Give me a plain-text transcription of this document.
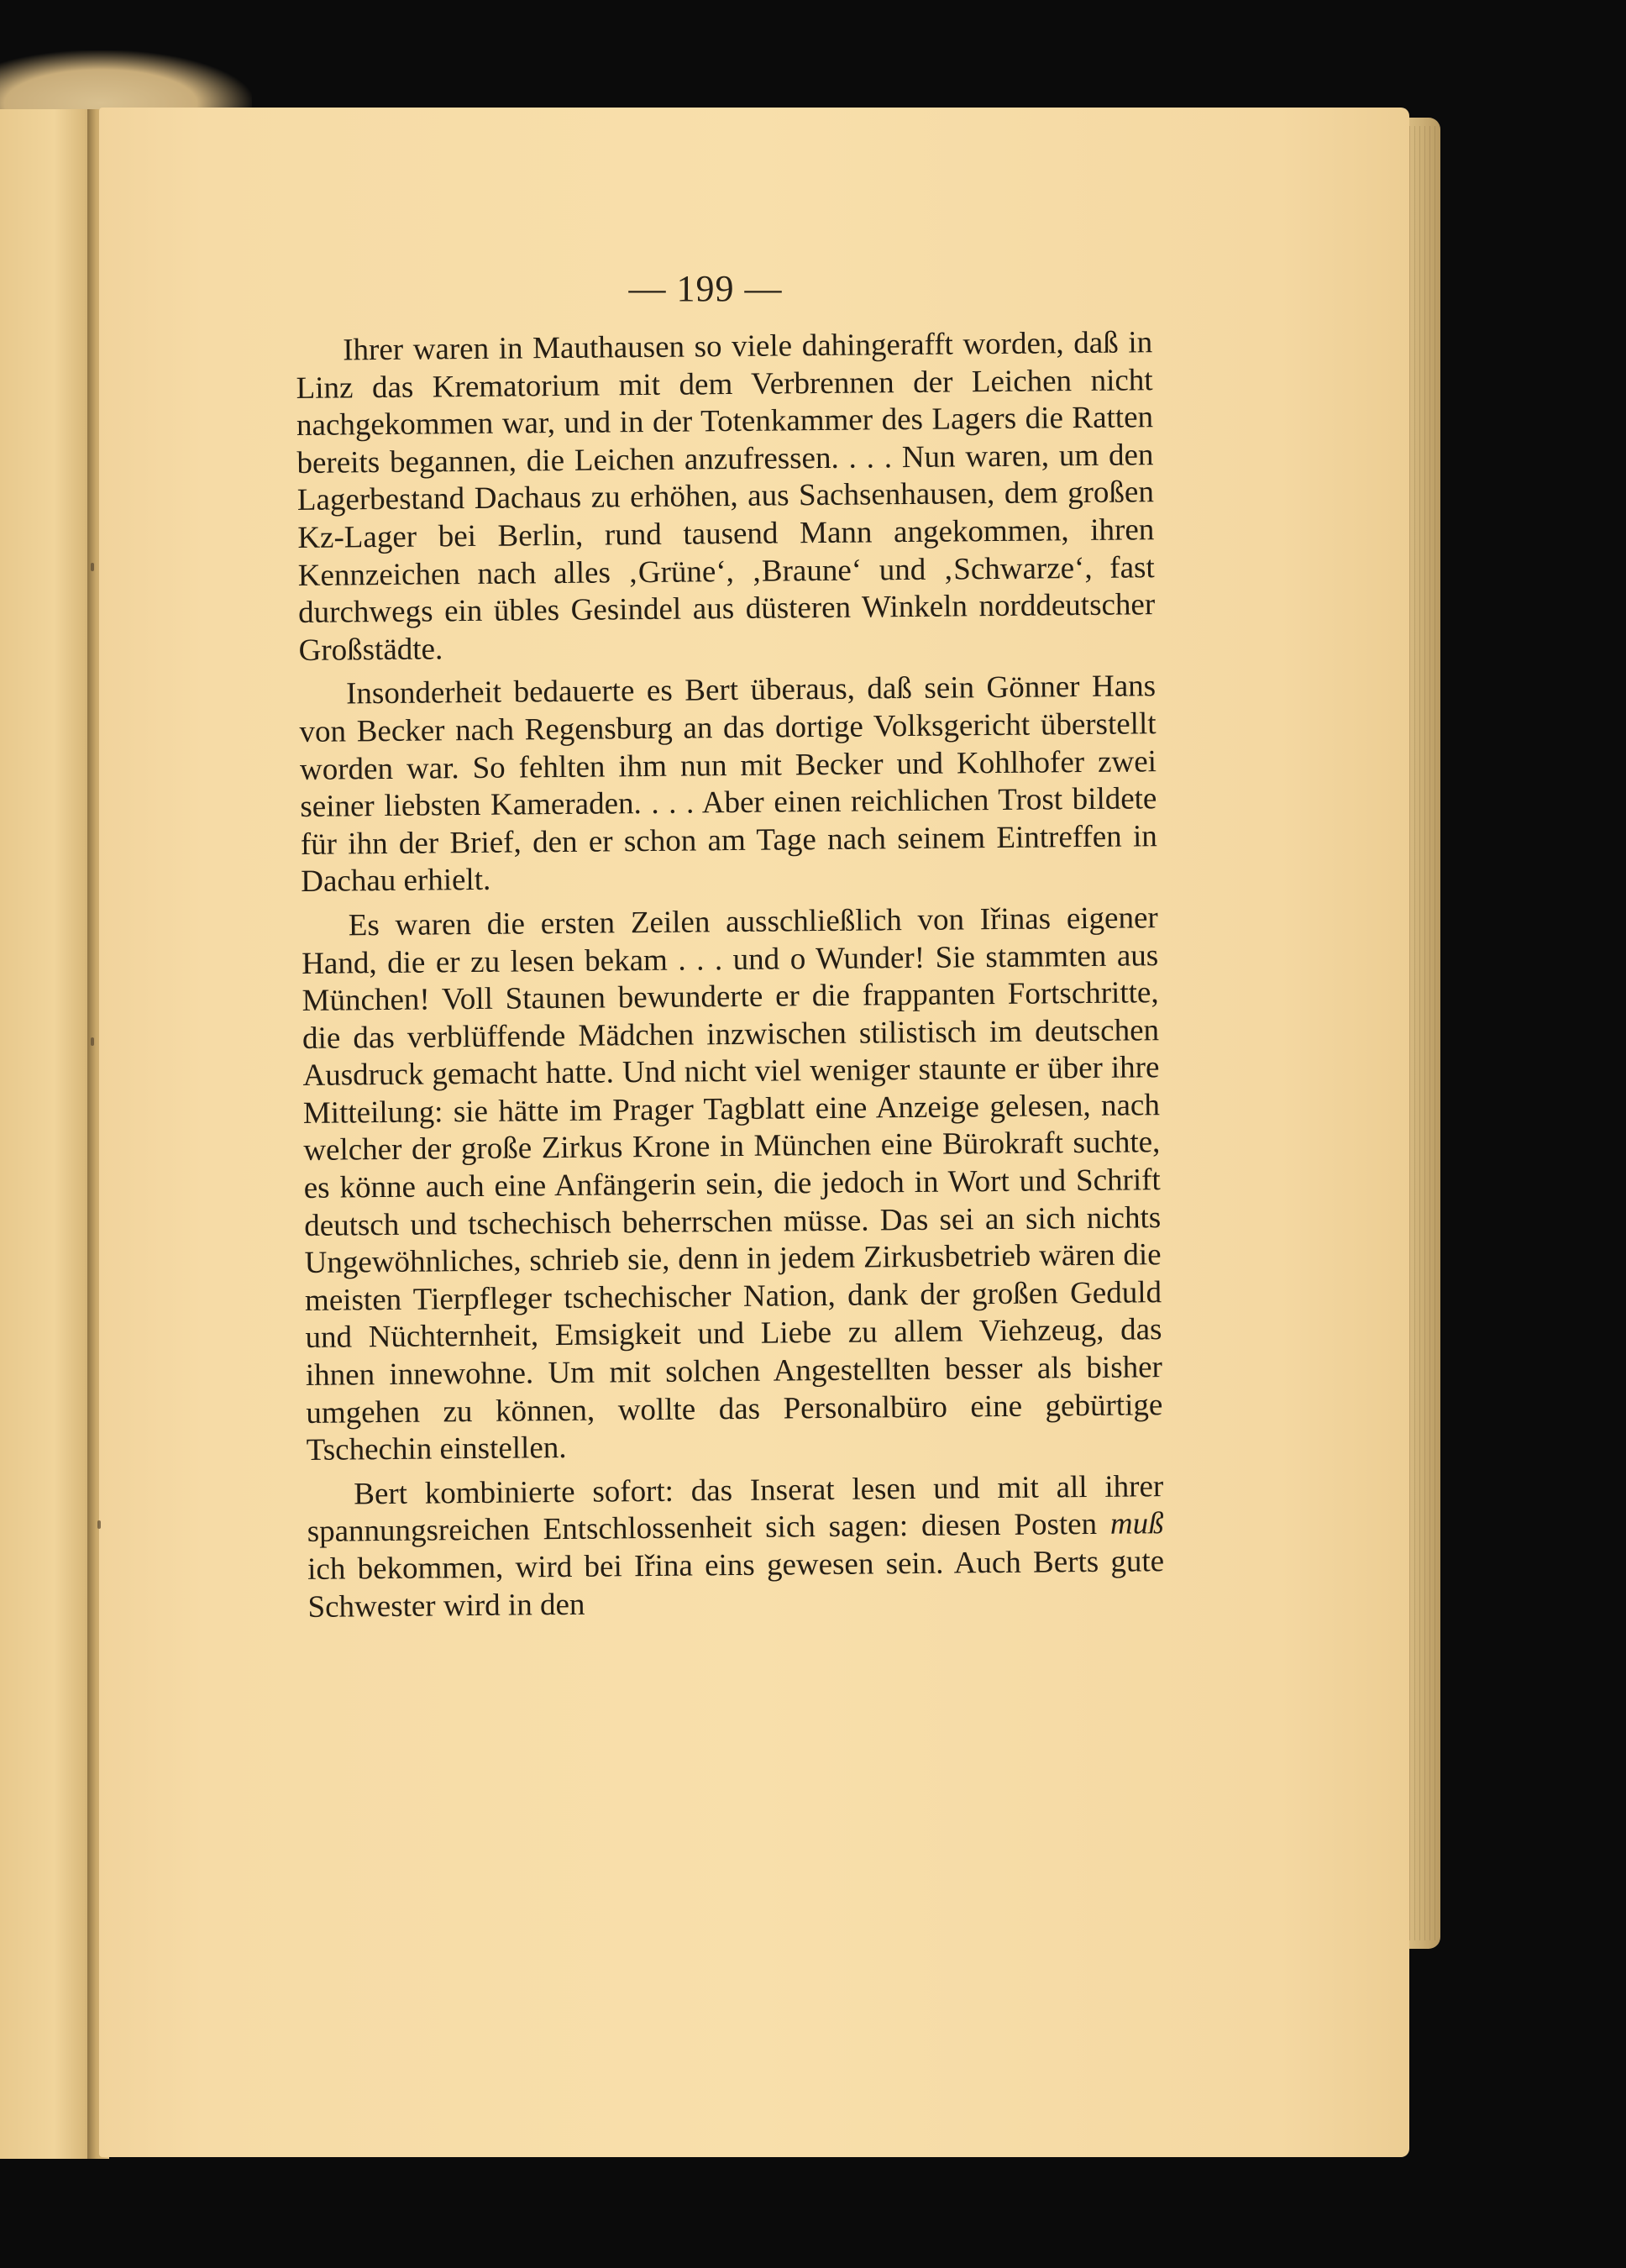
— 199 —

Ihrer waren in Mauthausen so viele dahingerafft worden, daß in Linz das Krematorium mit dem Verbrennen der Leichen nicht nachgekommen war, und in der Totenkammer des Lagers die Ratten bereits begannen, die Leichen anzufressen. . . . Nun waren, um den Lagerbestand Dachaus zu erhöhen, aus Sachsenhausen, dem großen Kz-Lager bei Berlin, rund tausend Mann angekommen, ihren Kennzeichen nach alles ‚Grüne‘, ‚Braune‘ und ‚Schwarze‘, fast durchwegs ein übles Gesindel aus düsteren Winkeln norddeutscher Großstädte.

Insonderheit bedauerte es Bert überaus, daß sein Gönner Hans von Becker nach Regensburg an das dortige Volksgericht überstellt worden war. So fehlten ihm nun mit Becker und Kohlhofer zwei seiner liebsten Kameraden. . . . Aber einen reichlichen Trost bildete für ihn der Brief, den er schon am Tage nach seinem Eintreffen in Dachau erhielt.

Es waren die ersten Zeilen ausschließlich von Iřinas eigener Hand, die er zu lesen bekam . . . und o Wunder! Sie stammten aus München! Voll Staunen bewunderte er die frappanten Fortschritte, die das verblüffende Mädchen inzwischen stilistisch im deutschen Ausdruck gemacht hatte. Und nicht viel weniger staunte er über ihre Mitteilung: sie hätte im Prager Tagblatt eine Anzeige gelesen, nach welcher der große Zirkus Krone in München eine Bürokraft suchte, es könne auch eine Anfängerin sein, die jedoch in Wort und Schrift deutsch und tschechisch beherrschen müsse. Das sei an sich nichts Ungewöhnliches, schrieb sie, denn in jedem Zirkusbetrieb wären die meisten Tierpfleger tschechischer Nation, dank der großen Geduld und Nüchternheit, Emsigkeit und Liebe zu allem Viehzeug, das ihnen innewohne. Um mit solchen Angestellten besser als bisher umgehen zu können, wollte das Personalbüro eine gebürtige Tschechin einstellen.

Bert kombinierte sofort: das Inserat lesen und mit all ihrer spannungsreichen Entschlossenheit sich sagen: diesen Posten muß ich bekommen, wird bei Iřina eins gewesen sein. Auch Berts gute Schwester wird in den
